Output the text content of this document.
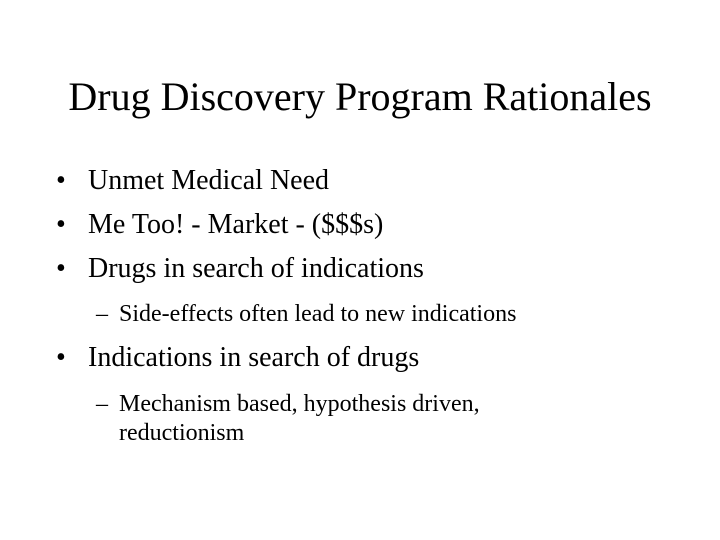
Drug Discovery Program Rationales
• Unmet Medical Need
• Me Too! - Market - ($$$s)
• Drugs in search of indications
– Side-effects often lead to new indications
• Indications in search of drugs
– Mechanism based, hypothesis driven, reductionism
